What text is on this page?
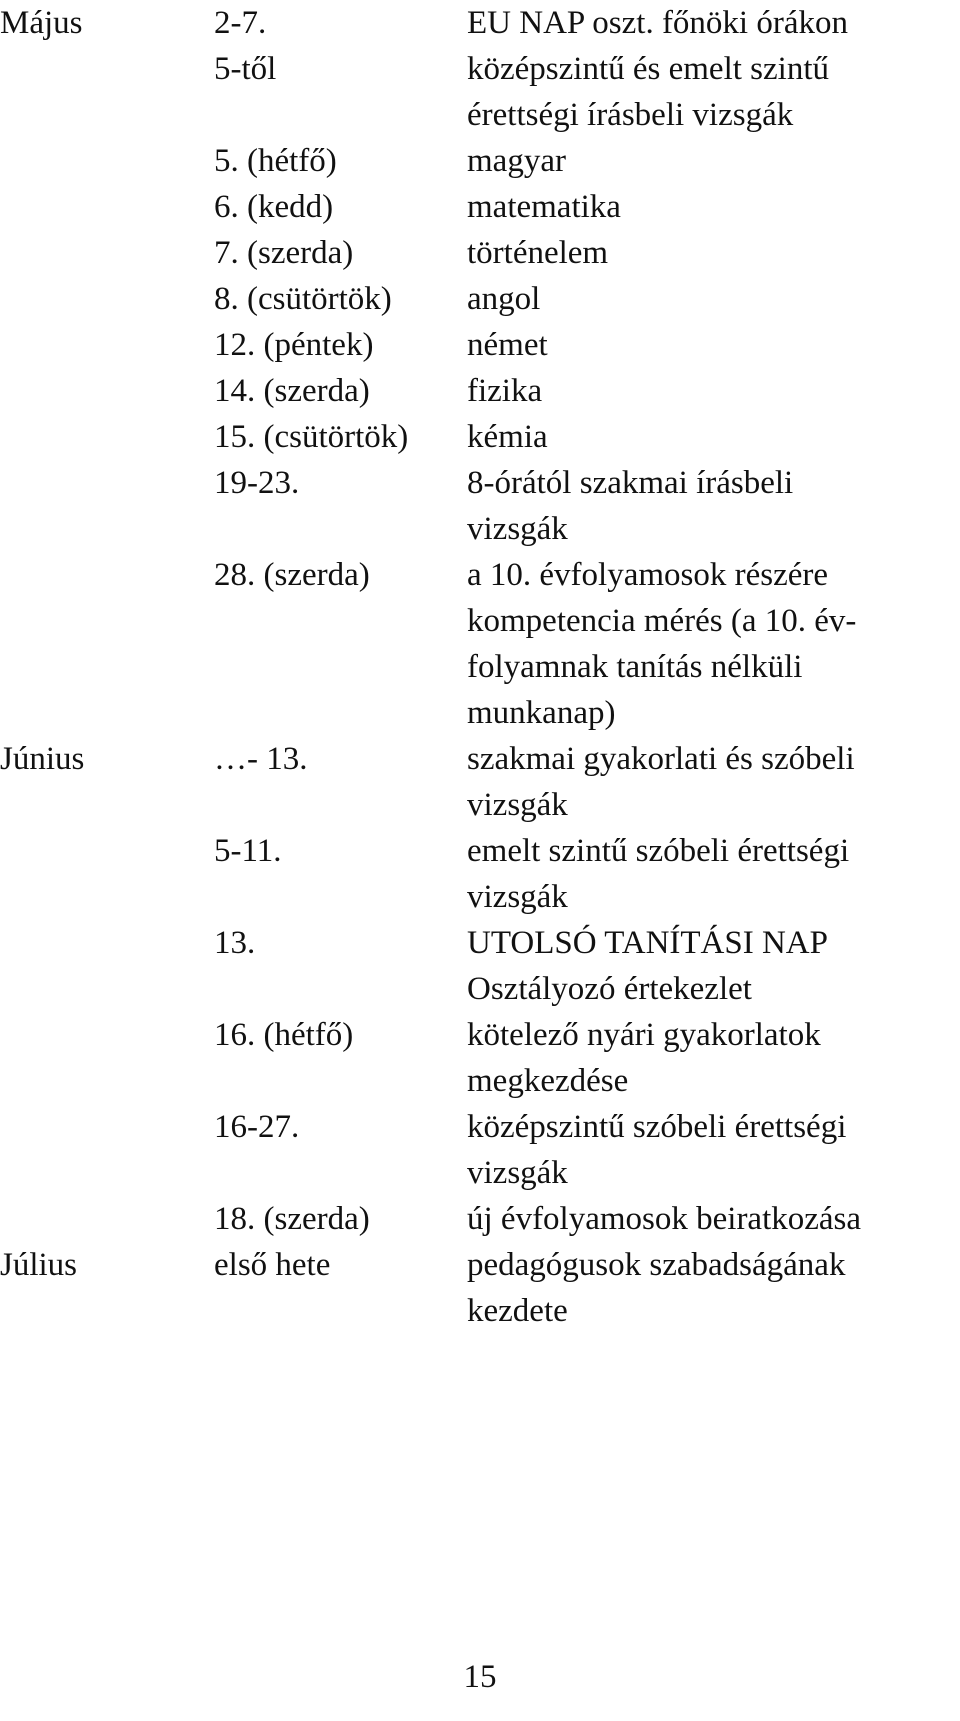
Május	2-7.	EU NAP oszt. főnöki órákon
5-től	középszintű és emelt szintű
érettségi írásbeli vizsgák
5. (hétfő)	magyar
6. (kedd)	matematika
7. (szerda)	történelem
8. (csütörtök)	angol
12. (péntek)	német
14. (szerda)	fizika
15. (csütörtök)	kémia
19-23.	8-órától szakmai írásbeli
vizsgák
28. (szerda)	a 10. évfolyamosok részére
kompetencia mérés (a 10. év-
folyamnak tanítás nélküli
munkanap)
Június	…- 13.	szakmai gyakorlati és szóbeli
vizsgák
5-11.	emelt szintű szóbeli érettségi
vizsgák
13.	UTOLSÓ TANÍTÁSI NAP
Osztályozó értekezlet
16. (hétfő)	kötelező nyári gyakorlatok
megkezdése
16-27.	középszintű szóbeli érettségi
vizsgák
18. (szerda)	új évfolyamosok beiratkozása
Július	első hete	pedagógusok szabadságának
kezdete
15
